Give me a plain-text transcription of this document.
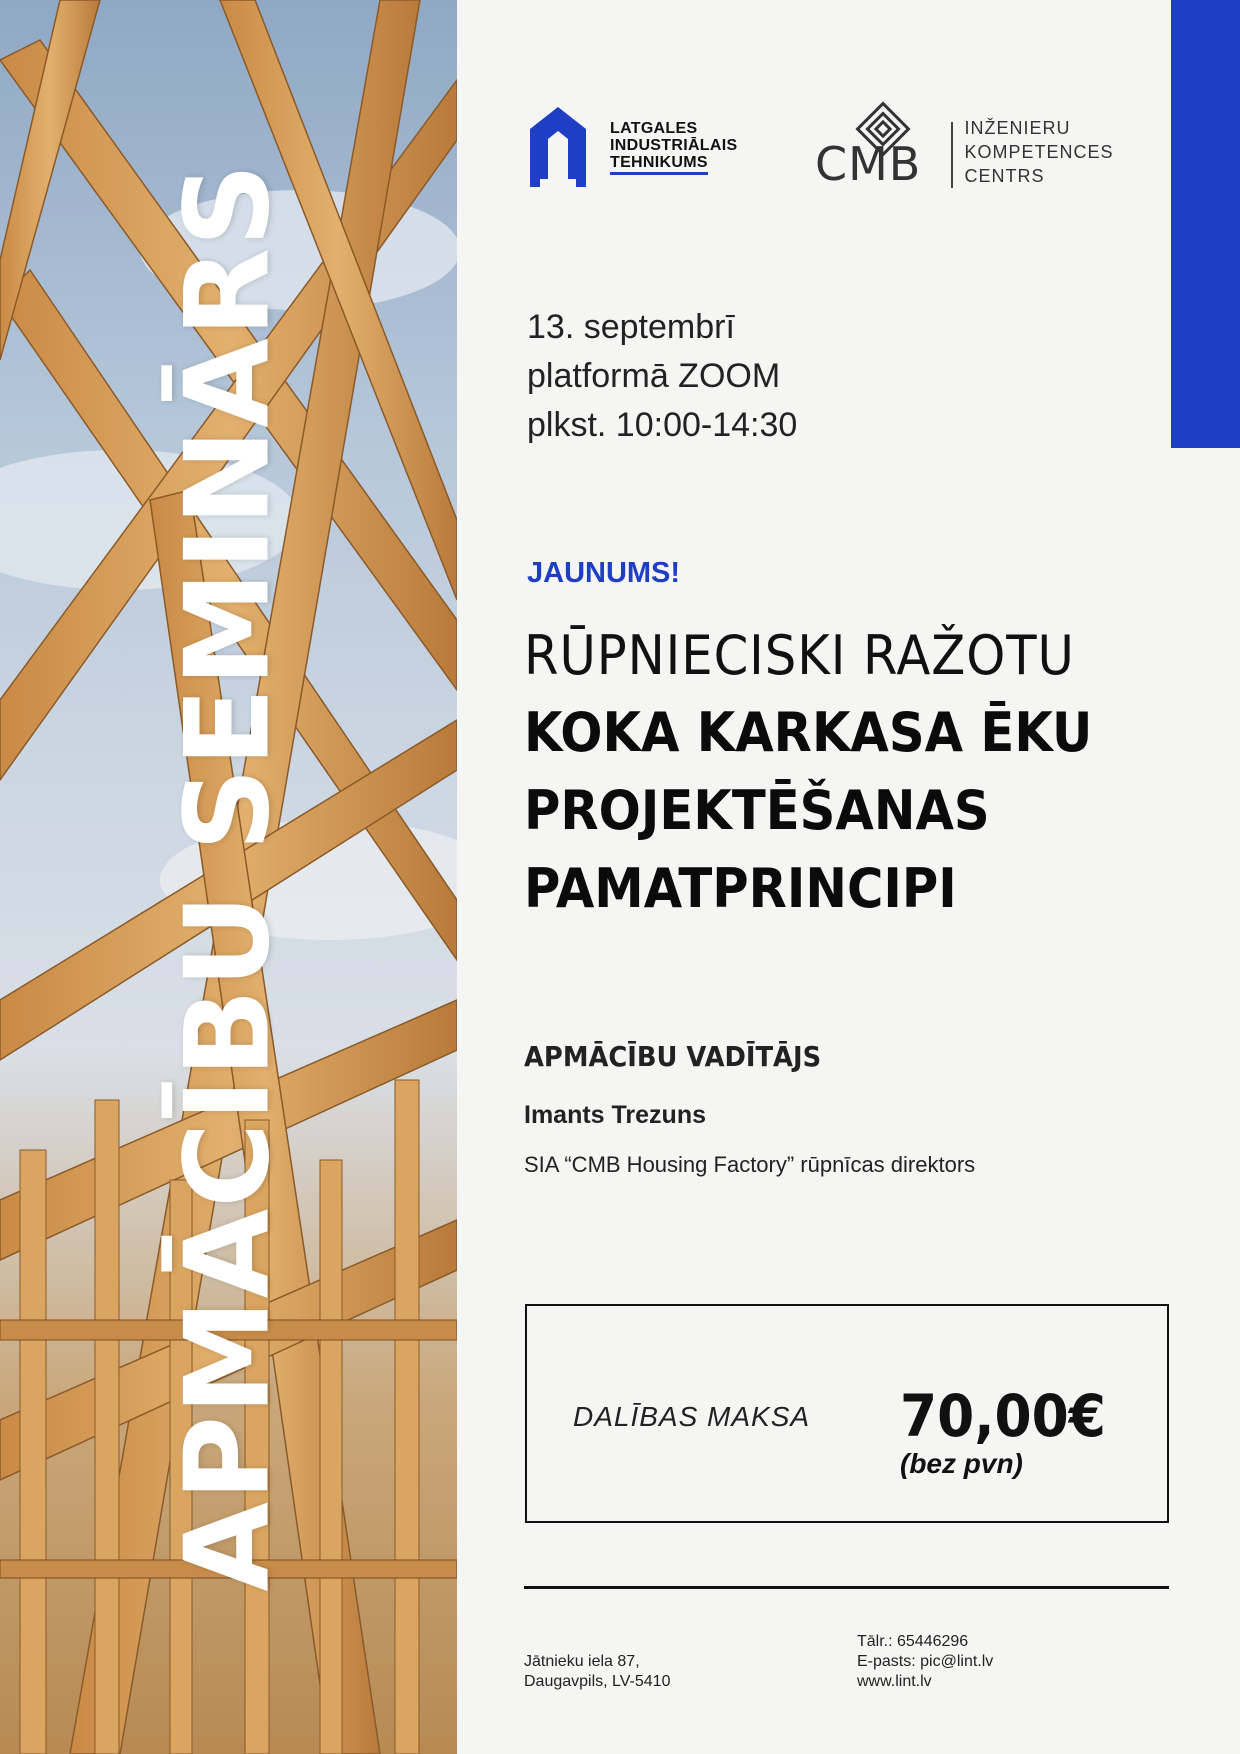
APMĀCĪBU SEMINĀRS
LATGALES
INDUSTRIĀLAIS
TEHNIKUMS	CMB
INŽENIERU
KOMPETENCES
CENTRS
13. septembrī
platformā ZOOM
plkst. 10:00-14:30
JAUNUMS!
RŪPNIECISKI RAŽOTU
KOKA KARKASA ĒKU
PROJEKTĒŠANAS
PAMATPRINCIPI
APMĀCĪBU VADĪTĀJS
Imants Trezuns
SIA “CMB Housing Factory” rūpnīcas direktors
DALĪBAS MAKSA 70,00€
(bez pvn)
Jātnieku iela 87,
Daugavpils, LV-5410
Tālr.: 65446296
E-pasts: pic@lint.lv
www.lint.lv
